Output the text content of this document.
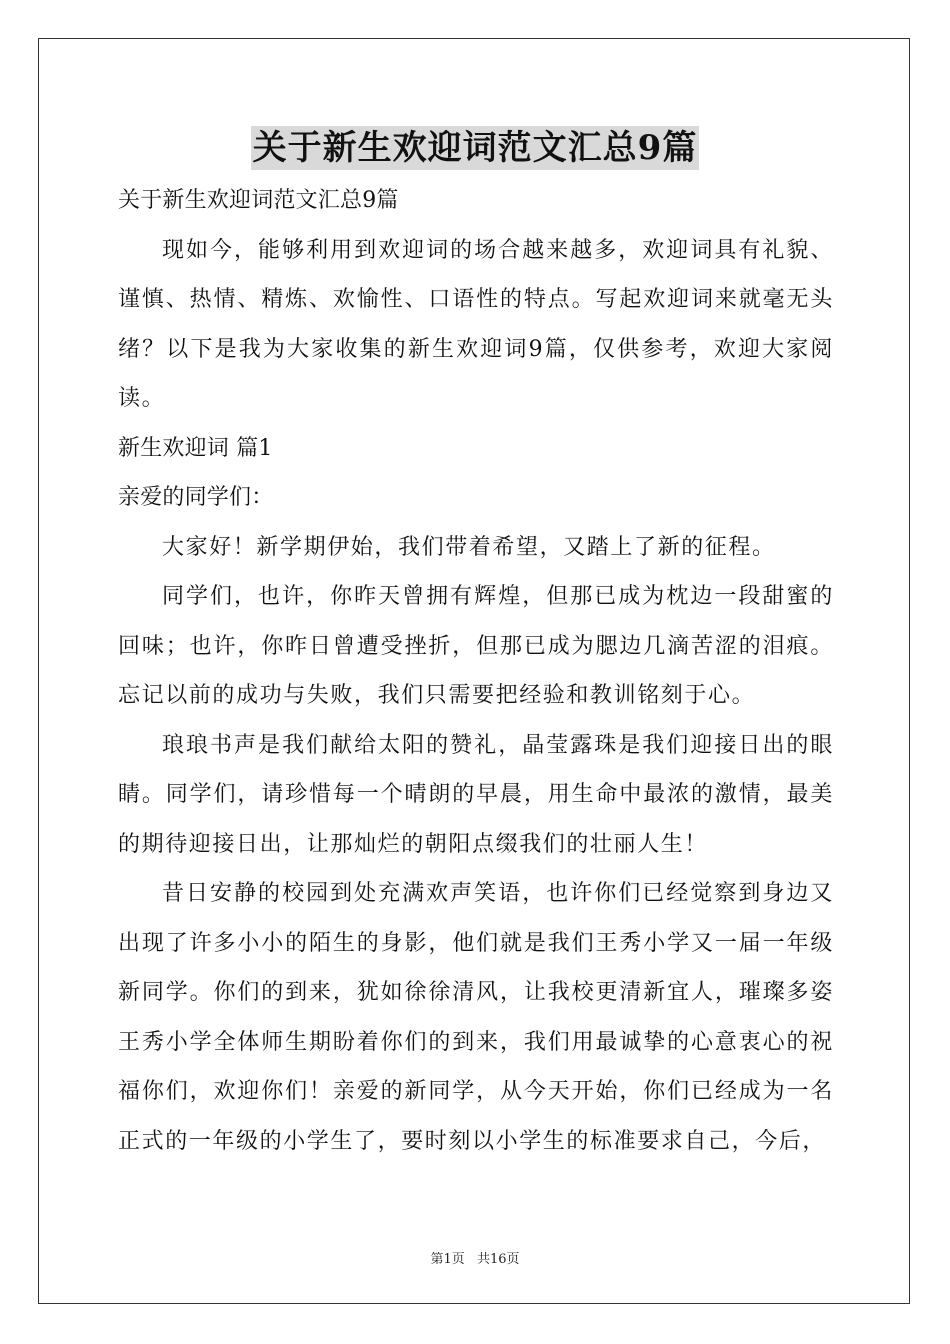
关于新生欢迎词范文汇总9篇

关于新生欢迎词范文汇总9篇

现如今，能够利用到欢迎词的场合越来越多，欢迎词具有礼貌、谨慎、热情、精炼、欢愉性、口语性的特点。写起欢迎词来就毫无头绪？以下是我为大家收集的新生欢迎词9篇，仅供参考，欢迎大家阅读。

新生欢迎词 篇1

亲爱的同学们：

大家好！新学期伊始，我们带着希望，又踏上了新的征程。

同学们，也许，你昨天曾拥有辉煌，但那已成为枕边一段甜蜜的回味；也许，你昨日曾遭受挫折，但那已成为腮边几滴苦涩的泪痕。忘记以前的成功与失败，我们只需要把经验和教训铭刻于心。

琅琅书声是我们献给太阳的赞礼，晶莹露珠是我们迎接日出的眼睛。同学们，请珍惜每一个晴朗的早晨，用生命中最浓的激情，最美的期待迎接日出，让那灿烂的朝阳点缀我们的壮丽人生！

昔日安静的校园到处充满欢声笑语，也许你们已经觉察到身边又出现了许多小小的陌生的身影，他们就是我们王秀小学又一届一年级新同学。你们的到来，犹如徐徐清风，让我校更清新宜人，璀璨多姿王秀小学全体师生期盼着你们的到来，我们用最诚挚的心意衷心的祝福你们，欢迎你们！亲爱的新同学，从今天开始，你们已经成为一名正式的一年级的小学生了，要时刻以小学生的标准要求自己，今后，

第1页 共16页
